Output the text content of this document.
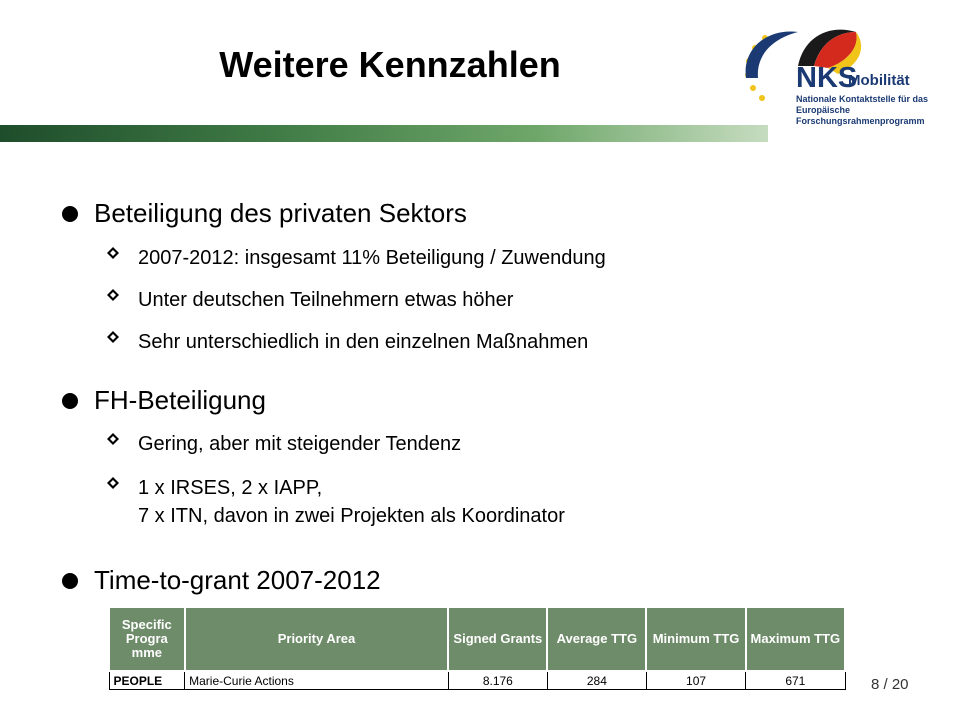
Weitere Kennzahlen	NKS
Mobilität
Nationale Kontaktstelle für das
Europäische Forschungsrahmenprogramm
Beteiligung des privaten Sektors
2007-2012: insgesamt 11% Beteiligung / Zuwendung
Unter deutschen Teilnehmern etwas höher
Sehr unterschiedlich in den einzelnen Maßnahmen
FH-Beteiligung
Gering, aber mit steigender Tendenz
1 x IRSES, 2 x IAPP,
7 x ITN, davon in zwei Projekten als Koordinator
Time-to-grant 2007-2012
Specific Progra mme	Priority Area	Signed Grants	Average TTG	Minimum TTG	Maximum TTG
PEOPLE	Marie-Curie Actions	8.176	284	107	671	8 / 20
